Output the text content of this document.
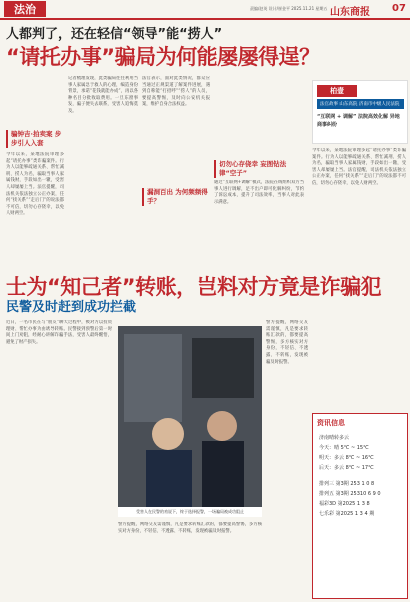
法治	责编/赵英 设计/崔金平 2025.11.21 星期五 山东商报 07
人都判了，还在轻信“领导”能“捞人”
“请托办事”骗局为何能屡屡得逞？
骗钟吉·拍卖案 步步引人入套

今年以来，某地法院审理多起“请托办事”类诈骗案件。行为人以能够疏通关系、帮忙减刑、捞人为名，骗取当事人家属钱财，手段如出一辙，受害人却屡屡上当。法官提醒，司法机关依法独立公正办案，任何“找关系”“走后门”的说法都不可信，切勿心存侥幸，以免人财两空。

记者梳理发现，此类骗局往往利用当事人家属急于救人的心理，编造身份背景，承诺“花钱就能办成”，再以各种名目分批收取费用。一旦东窗事发，骗子便失去联系，受害人追悔莫及。

漏洞百出 为何频频得手？

法官表示，面对此类情况，群众应当通过正规渠道了解案件进展，遇到自称能“打招呼”“捞人”的人员，要提高警惕，及时向公安机关报案，维护自身合法权益。

切勿心存侥幸 妄图钻法律“空子”

通过“互联网+调解”模式，法院在线组织双方当事人进行调解，足不出户即可化解纠纷，节约了诉讼成本，提升了司法效率，当事人对此表示满意。

柏壹
法官故事 山东高院 济南市中级人民法院
“互联网 + 调解” 法院高效化解 异地商事纠纷

今年以来，某地法院审理多起“请托办事”类诈骗案件。行为人以能够疏通关系、帮忙减刑、捞人为名，骗取当事人家属钱财，手段如出一辙，受害人却屡屡上当。法官提醒，司法机关依法独立公正办案，任何“找关系”“走后门”的说法都不可信，切勿心存侥幸，以免人财两空。

士为“知己者”转账，岂料对方竟是诈骗犯
民警及时赶到成功拦截

近日，一名市民在与“朋友”聊天过程中，被对方以投资理财、帮忙办事为由诱导转账。民警接到预警后第一时间上门劝阻，经耐心讲解诈骗手法，受害人最终醒悟，避免了财产损失。

受害人在民警的劝说下，终于选择报警，一场骗局被成功阻止

警方提醒，网络交友需谨慎，凡是要求转账汇款的，都要提高警惕，多方核实对方身份，不轻信、不透露、不转账，发现被骗及时报警。

警方提醒，网络交友需谨慎，凡是要求转账汇款的，都要提高警惕，多方核实对方身份，不轻信、不透露、不转账，发现被骗及时报警。

资讯信息
济南晴转多云
今天：晴 5℃ ~ 15℃
明天：多云 8℃ ~ 16℃
后天：多云 8℃ ~ 17℃
排列三 第3期 253 1 0 8
排列五 第3期 25310 6 9 0
福彩3D 第2025 1 3 8
七乐彩 第2025 1 3 4 期
